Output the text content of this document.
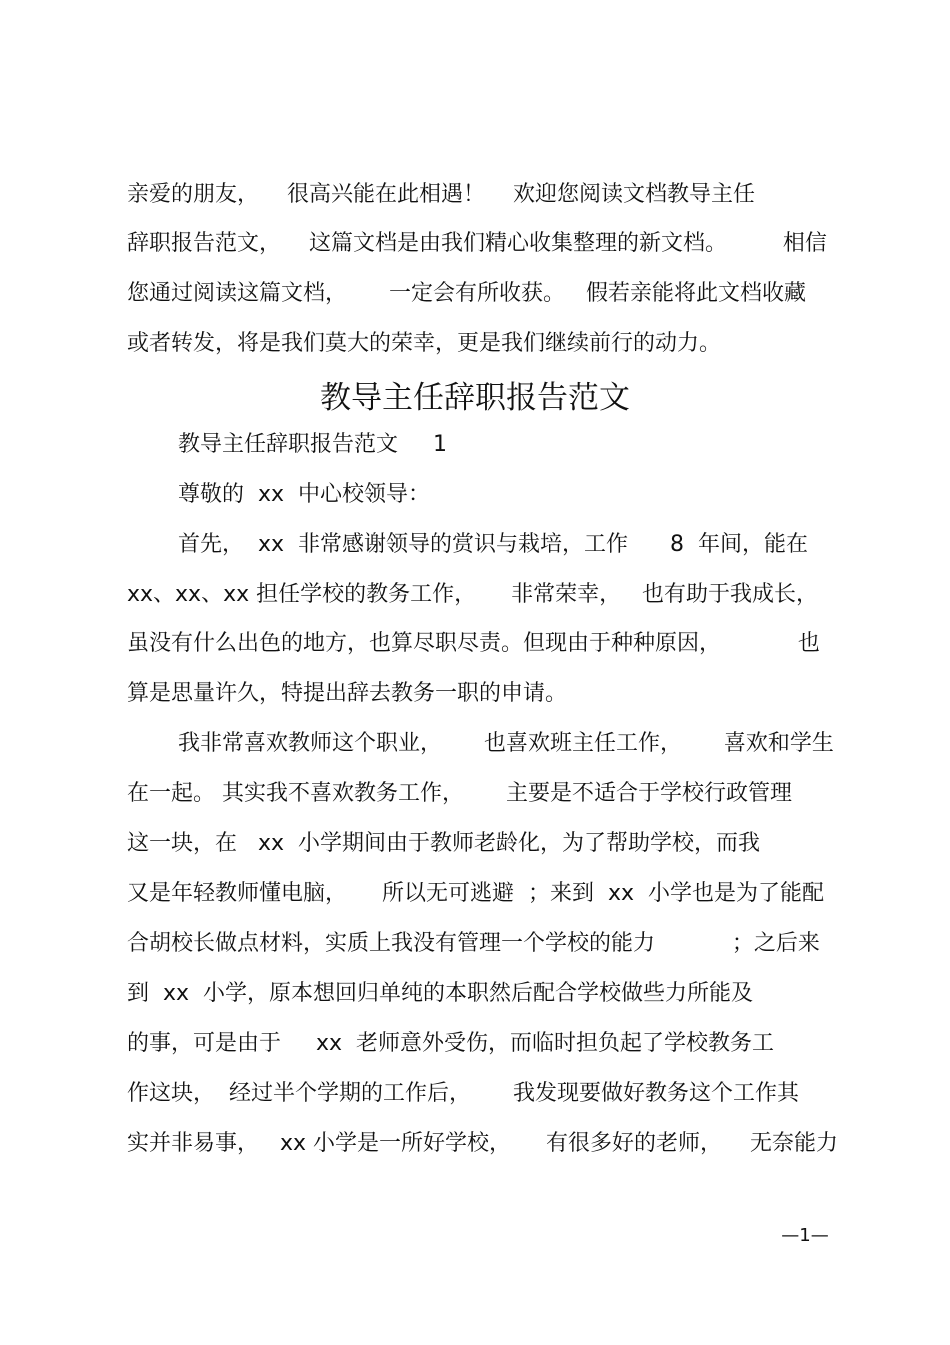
亲爱的朋友，    很高兴能在此相遇！    欢迎您阅读文档教导主任
辞职报告范文，    这篇文档是由我们精心收集整理的新文档。        相信
您通过阅读这篇文档，      一定会有所收获。   假若亲能将此文档收藏
或者转发，将是我们莫大的荣幸，更是我们继续前行的动力。
教导主任辞职报告范文
教导主任辞职报告范文     1
尊敬的  xx  中心校领导：
首先，  xx  非常感谢领导的赏识与栽培，工作      8  年间，能在
xx、xx、xx 担任学校的教务工作，     非常荣幸，   也有助于我成长，
虽没有什么出色的地方，也算尽职尽责。但现由于种种原因，           也
算是思量许久，特提出辞去教务一职的申请。
我非常喜欢教师这个职业，      也喜欢班主任工作，      喜欢和学生
在一起。 其实我不喜欢教务工作，      主要是不适合于学校行政管理
这一块，在   xx  小学期间由于教师老龄化，为了帮助学校，而我
又是年轻教师懂电脑，     所以无可逃避  ；来到  xx  小学也是为了能配
合胡校长做点材料，实质上我没有管理一个学校的能力           ；之后来
到  xx  小学，原本想回归单纯的本职然后配合学校做些力所能及
的事，可是由于     xx  老师意外受伤，而临时担负起了学校教务工
作这块，  经过半个学期的工作后，      我发现要做好教务这个工作其
实并非易事，   xx 小学是一所好学校，     有很多好的老师，    无奈能力
—1—
